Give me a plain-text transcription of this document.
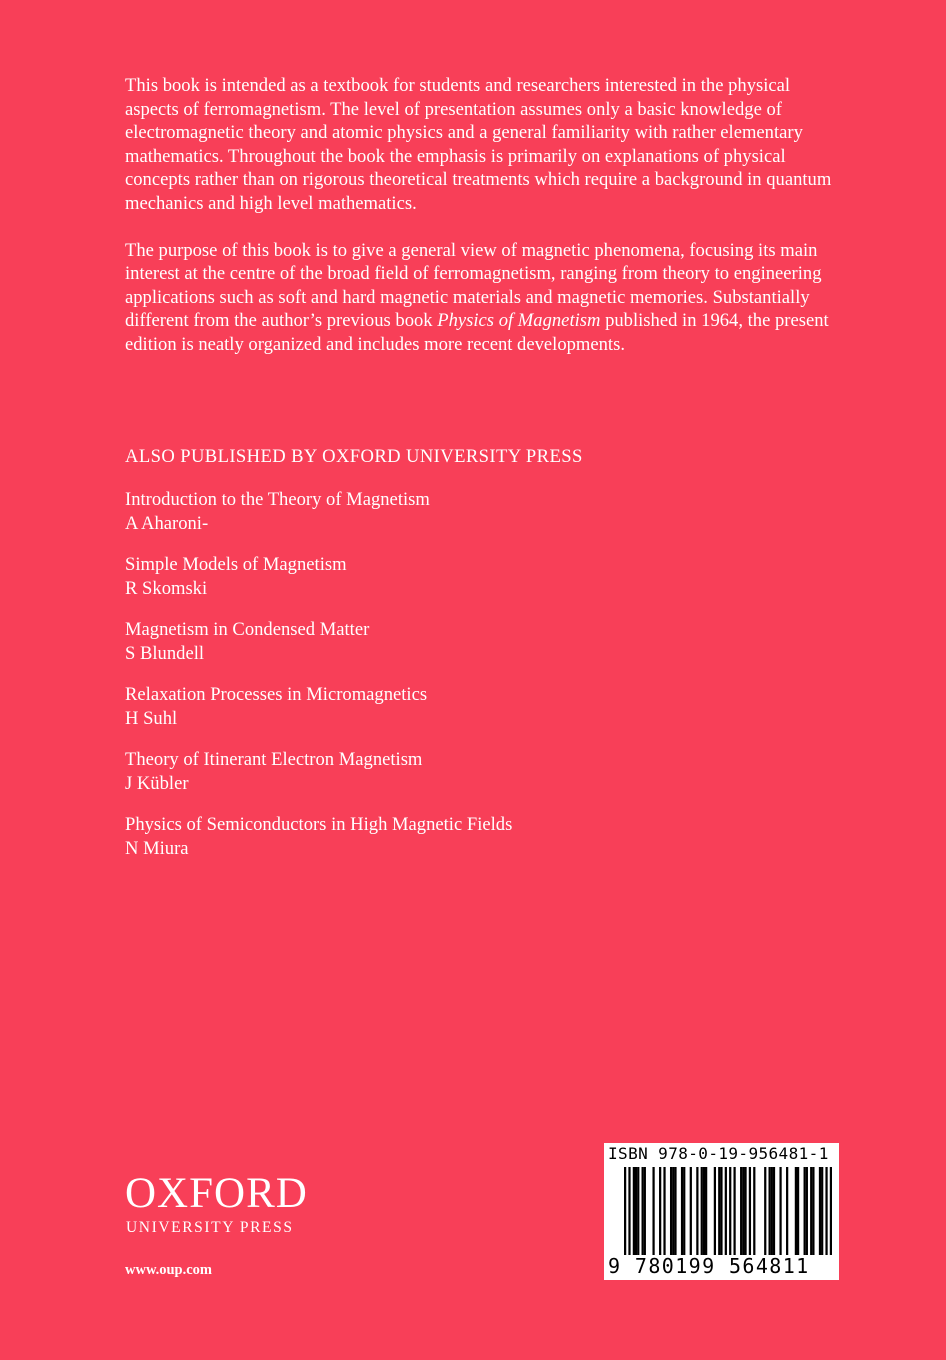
This book is intended as a textbook for students and researchers interested in the physical aspects of ferromagnetism. The level of presentation assumes only a basic knowledge of electromagnetic theory and atomic physics and a general familiarity with rather elementary mathematics. Throughout the book the emphasis is primarily on explanations of physical concepts rather than on rigorous theoretical treatments which require a background in quantum mechanics and high level mathematics.

The purpose of this book is to give a general view of magnetic phenomena, focusing its main interest at the centre of the broad field of ferromagnetism, ranging from theory to engineering applications such as soft and hard magnetic materials and magnetic memories. Substantially different from the author’s previous book Physics of Magnetism published in 1964, the present edition is neatly organized and includes more recent developments.

ALSO PUBLISHED BY OXFORD UNIVERSITY PRESS
Introduction to the Theory of Magnetism
A Aharoni-
Simple Models of Magnetism
R Skomski
Magnetism in Condensed Matter
S Blundell
Relaxation Processes in Micromagnetics
H Suhl
Theory of Itinerant Electron Magnetism
J Kübler
Physics of Semiconductors in High Magnetic Fields
N Miura
OXFORD
UNIVERSITY PRESS
www.oup.com
ISBN 978-0-19-956481-1
9 780199 564811
